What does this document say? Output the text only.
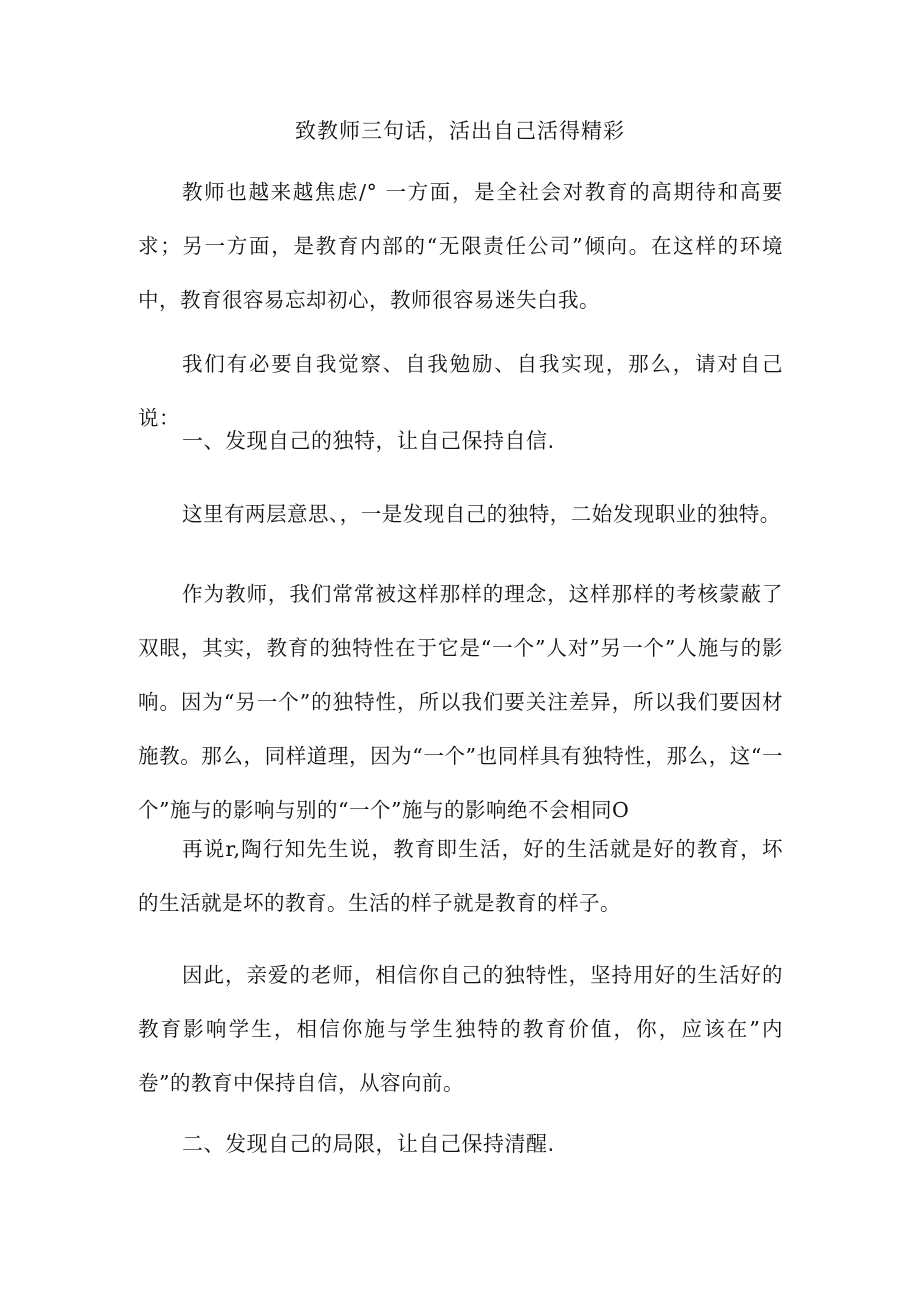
致教师三句话，活出自己活得精彩

教师也越来越焦虑/° 一方面，是全社会对教育的高期待和高要求；另一方面，是教育内部的“无限责任公司”倾向。在这样的环境中，教育很容易忘却初心，教师很容易迷失白我。

我们有必要自我觉察、自我勉励、自我实现，那么，请对自己说：

一、发现自己的独特，让自己保持自信.

这里有两层意思、，一是发现自己的独特，二始发现职业的独特。

作为教师，我们常常被这样那样的理念，这样那样的考核蒙蔽了双眼，其实，教育的独特性在于它是“一个”人对”另一个”人施与的影响。因为“另一个”的独特性，所以我们要关注差异，所以我们要因材施教。那么，同样道理，因为“一个”也同样具有独特性，那么，这“一个”施与的影响与别的“一个”施与的影响绝不会相同O

再说r,陶行知先生说，教育即生活，好的生活就是好的教育，坏的生活就是坏的教育。生活的样子就是教育的样子。

因此，亲爱的老师，相信你自己的独特性，坚持用好的生活好的教育影响学生，相信你施与学生独特的教育价值，你，应该在”内卷”的教育中保持自信，从容向前。

二、发现自己的局限，让自己保持清醒.
